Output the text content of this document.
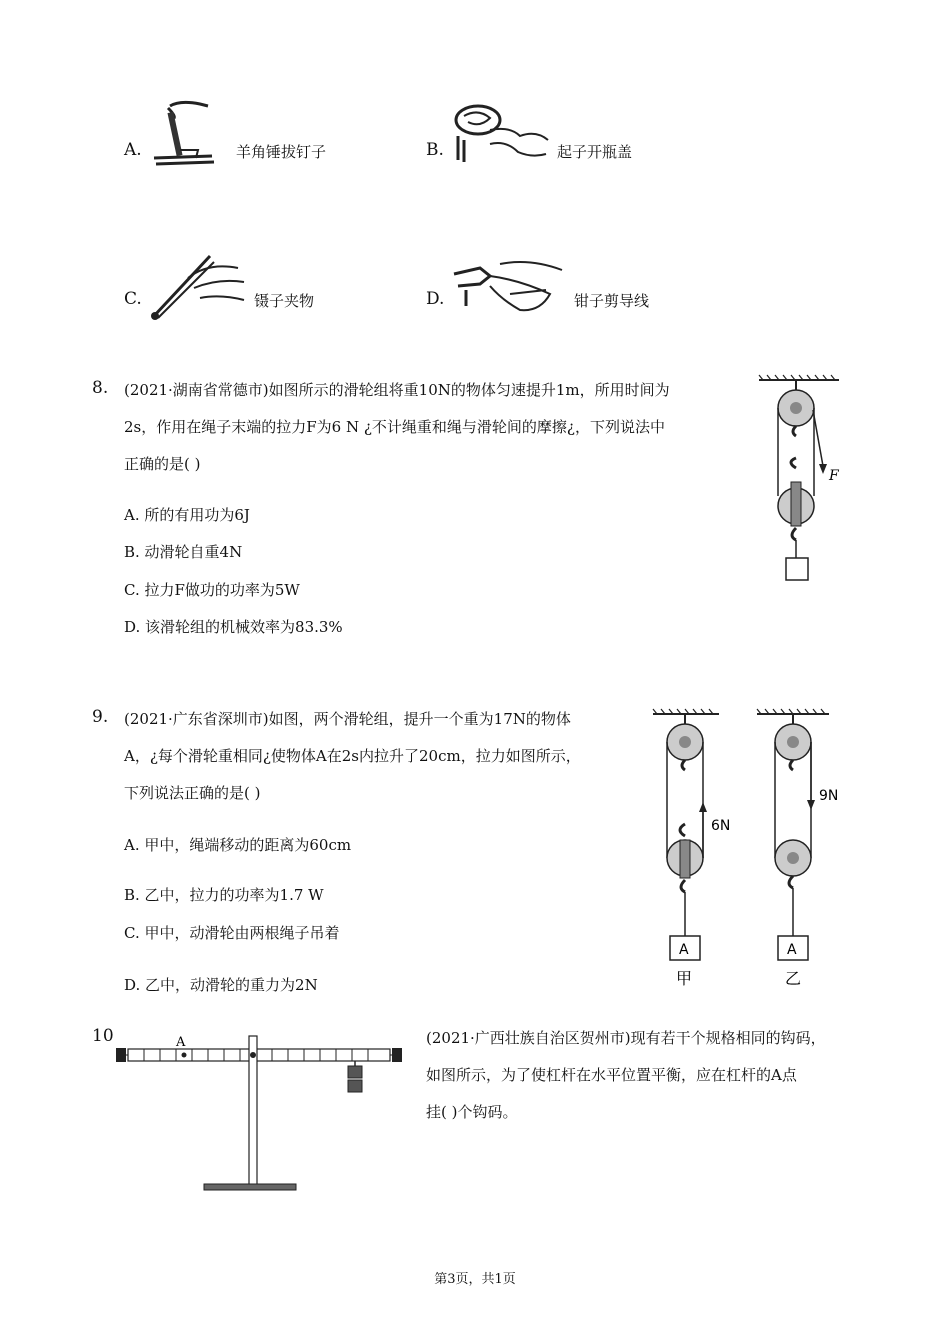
A.	羊角锤拔钉子	B.	起子开瓶盖
C.	镊子夹物	D.	钳子剪导线
8. (2021·湖南省常德市)如图所示的滑轮组将重10N的物体匀速提升1m，所用时间为
2s，作用在绳子末端的拉力F为6 N ¿不计绳重和绳与滑轮间的摩擦¿，下列说法中
正确的是( )
A. 所的有用功为6J
B. 动滑轮自重4N
C. 拉力F做功的功率为5W
D. 该滑轮组的机械效率为83.3%
F
9. (2021·广东省深圳市)如图，两个滑轮组，提升一个重为17N的物体
A，¿每个滑轮重相同¿使物体A在2s内拉升了20cm，拉力如图所示，
下列说法正确的是( )
A. 甲中，绳端移动的距离为60cm
B. 乙中，拉力的功率为1.7 W
C. 甲中，动滑轮由两根绳子吊着
D. 乙中，动滑轮的重力为2N
6N
A
甲
9N
A
乙
10	A	(2021·广西壮族自治区贺州市)现有若干个规格相同的钩码，
如图所示，为了使杠杆在水平位置平衡，应在杠杆的A点
挂( )个钩码。
第3页，共1页
